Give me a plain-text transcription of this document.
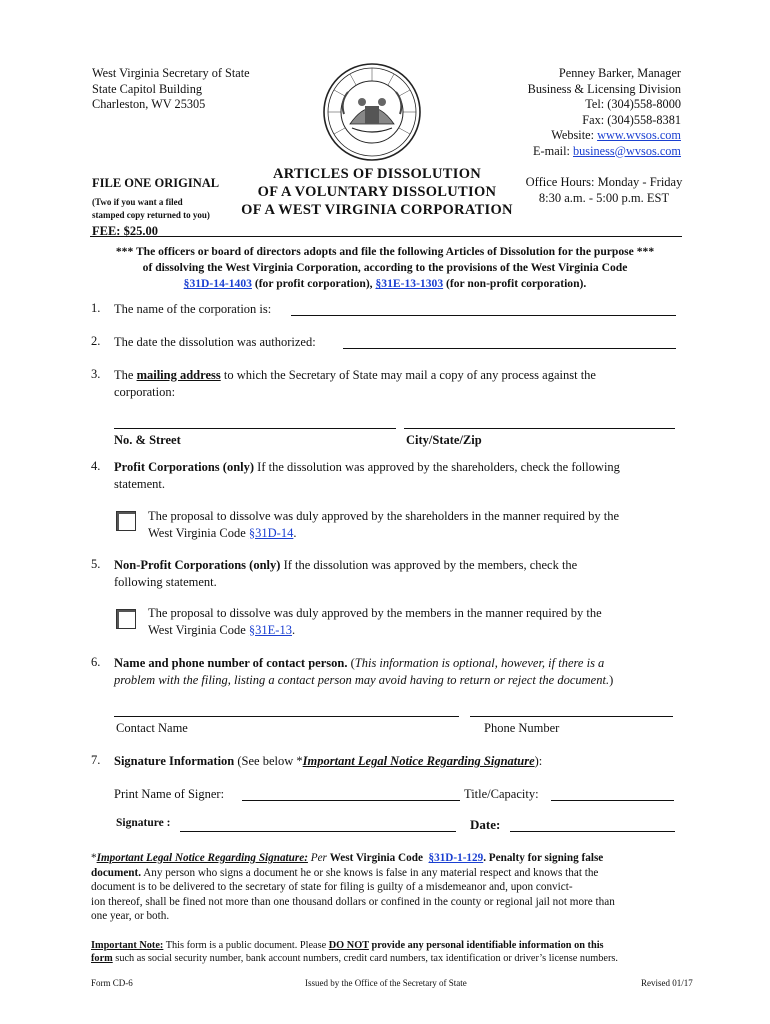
West Virginia Secretary of State
State Capitol Building
Charleston, WV 25305
Penney Barker, Manager
Business & Licensing Division
Tel: (304)558-8000
Fax: (304)558-8381
Website: www.wvsos.com
E-mail: business@wvsos.com
FILE ONE ORIGINAL
(Two if you want a filed
stamped copy returned to you)
FEE: $25.00
ARTICLES OF DISSOLUTION
OF A VOLUNTARY DISSOLUTION
OF A WEST VIRGINIA CORPORATION
Office Hours: Monday - Friday
8:30 a.m. - 5:00 p.m. EST
*** The officers or board of directors adopts and file the following Articles of Dissolution for the purpose ***
of dissolving the West Virginia Corporation, according to the provisions of the West Virginia Code
§31D-14-1403 (for profit corporation), §31E-13-1303 (for non-profit corporation).
1. The name of the corporation is:
2. The date the dissolution was authorized:
3. The mailing address to which the Secretary of State may mail a copy of any process against the
corporation:
No. & Street	City/State/Zip
4. Profit Corporations (only) If the dissolution was approved by the shareholders, check the following
statement.
The proposal to dissolve was duly approved by the shareholders in the manner required by the
West Virginia Code §31D-14.
5. Non-Profit Corporations (only) If the dissolution was approved by the members, check the
following statement.
The proposal to dissolve was duly approved by the members in the manner required by the
West Virginia Code §31E-13.
6. Name and phone number of contact person. (This information is optional, however, if there is a
problem with the filing, listing a contact person may avoid having to return or reject the document.)
Contact Name	Phone Number
7. Signature Information (See below *Important Legal Notice Regarding Signature):
Print Name of Signer:	Title/Capacity:
Signature :	Date:
*Important Legal Notice Regarding Signature: Per West Virginia Code §31D-1-129. Penalty for signing false
document. Any person who signs a document he or she knows is false in any material respect and knows that the
document is to be delivered to the secretary of state for filing is guilty of a misdemeanor and, upon convict-
ion thereof, shall be fined not more than one thousand dollars or confined in the county or regional jail not more than
one year, or both.
Important Note: This form is a public document. Please DO NOT provide any personal identifiable information on this
form such as social security number, bank account numbers, credit card numbers, tax identification or driver’s license numbers.
Form CD-6	Issued by the Office of the Secretary of State	Revised 01/17
